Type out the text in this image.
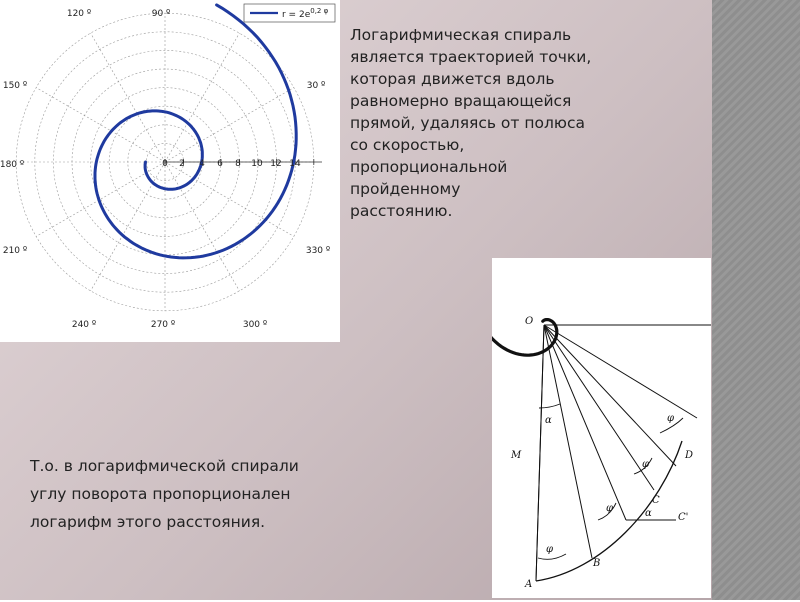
120 º	90 º
30 º
150 º
180 º
330 º
210 º
240 º	270 º	300 º
0 2 4 6 8 10 12 14
$r = 2e^{0,2 \varphi}$

Логарифмическая спираль
является траекторией точки,
которая движется вдоль
равномерно вращающейся
прямой, удаляясь от полюса
со скоростью,
пропорциональной
пройденному
расстоянию.

Т.о. в логарифмической спирали
углу поворота пропорционален
логарифм этого расстояния.

O
M
α	φ
φ
φ
φ
α
A
B
C
C'
D
